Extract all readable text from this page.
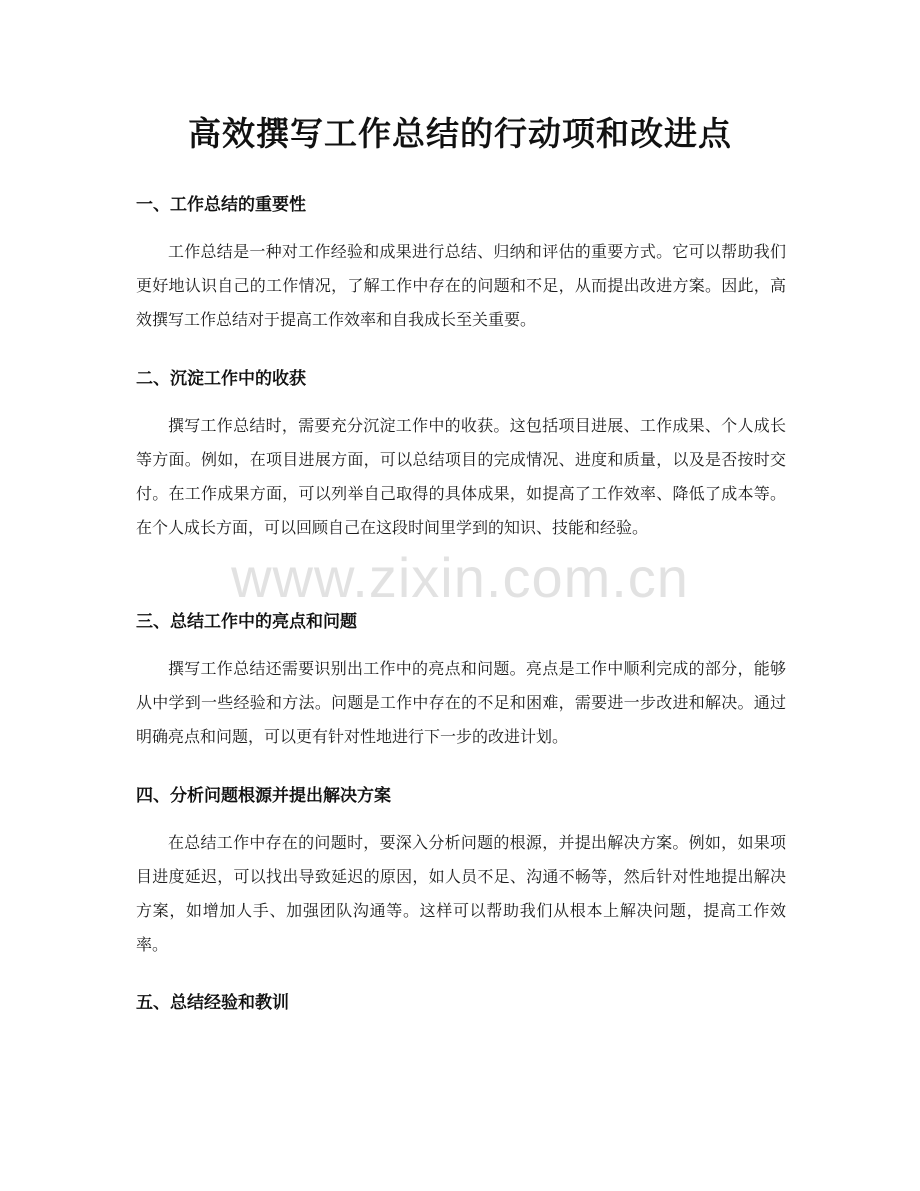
高效撰写工作总结的行动项和改进点
一、工作总结的重要性

工作总结是一种对工作经验和成果进行总结、归纳和评估的重要方式。它可以帮助我们更好地认识自己的工作情况，了解工作中存在的问题和不足，从而提出改进方案。因此，高效撰写工作总结对于提高工作效率和自我成长至关重要。

二、沉淀工作中的收获

撰写工作总结时，需要充分沉淀工作中的收获。这包括项目进展、工作成果、个人成长等方面。例如，在项目进展方面，可以总结项目的完成情况、进度和质量，以及是否按时交付。在工作成果方面，可以列举自己取得的具体成果，如提高了工作效率、降低了成本等。在个人成长方面，可以回顾自己在这段时间里学到的知识、技能和经验。

三、总结工作中的亮点和问题

撰写工作总结还需要识别出工作中的亮点和问题。亮点是工作中顺利完成的部分，能够从中学到一些经验和方法。问题是工作中存在的不足和困难，需要进一步改进和解决。通过明确亮点和问题，可以更有针对性地进行下一步的改进计划。

四、分析问题根源并提出解决方案

在总结工作中存在的问题时，要深入分析问题的根源，并提出解决方案。例如，如果项目进度延迟，可以找出导致延迟的原因，如人员不足、沟通不畅等，然后针对性地提出解决方案，如增加人手、加强团队沟通等。这样可以帮助我们从根本上解决问题，提高工作效率。

五、总结经验和教训
www.zixin.com.cn
